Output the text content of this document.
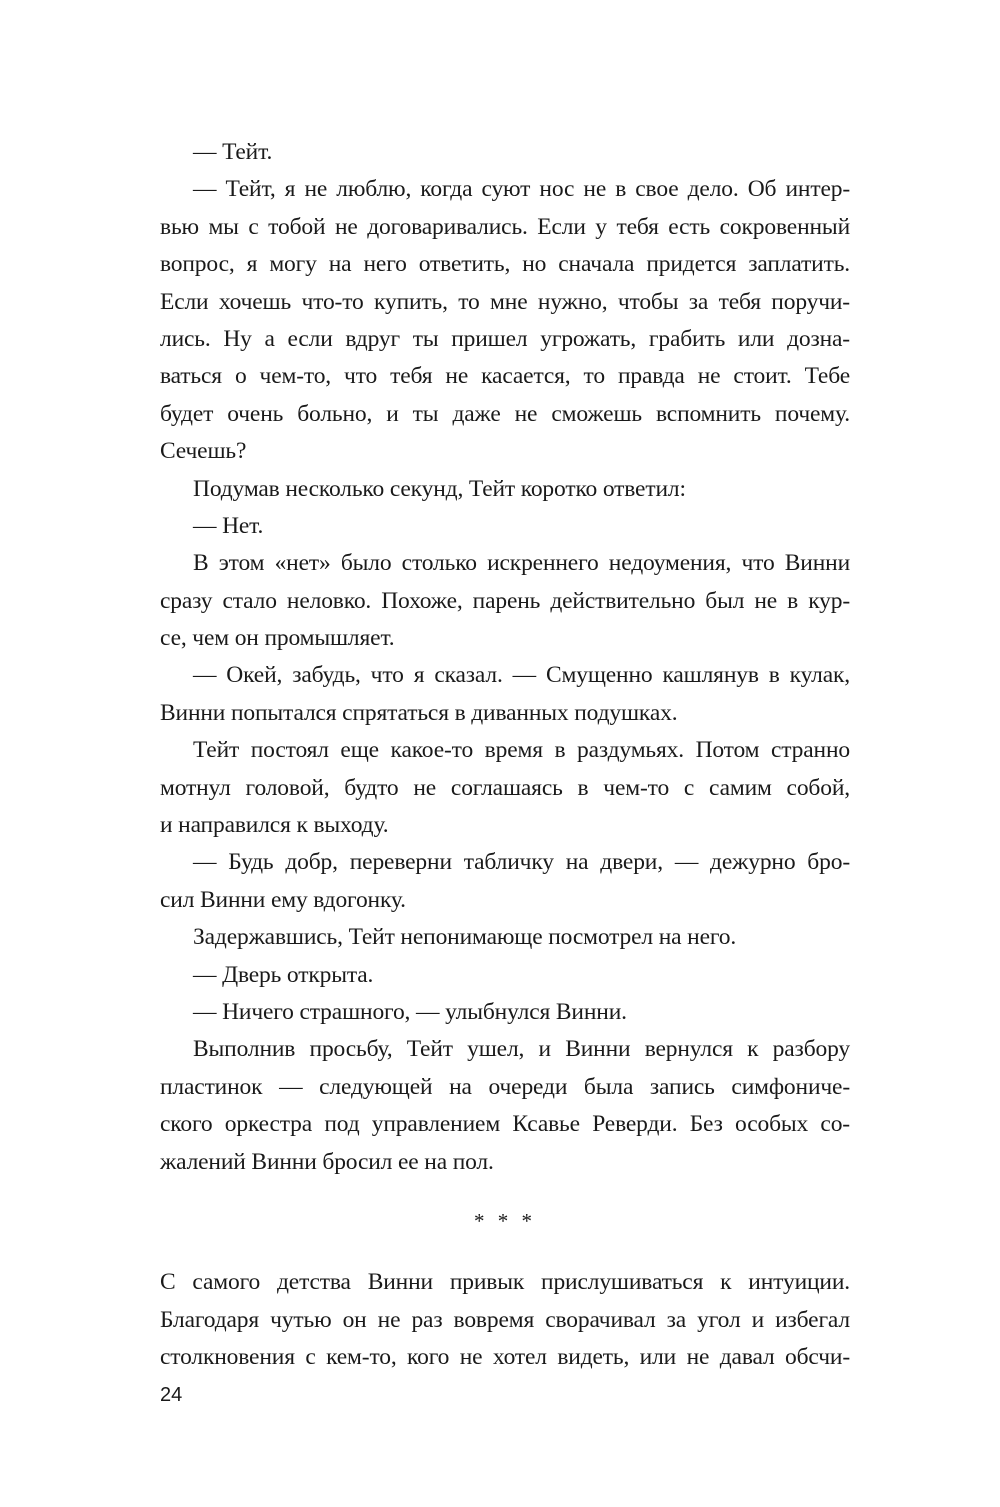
— Тейт.
— Тейт, я не люблю, когда суют нос не в свое дело. Об интер-
вью мы с тобой не договаривались. Если у тебя есть сокровенный
вопрос, я могу на него ответить, но сначала придется заплатить.
Если хочешь что-то купить, то мне нужно, чтобы за тебя поручи-
лись. Ну а если вдруг ты пришел угрожать, грабить или дозна-
ваться о чем-то, что тебя не касается, то правда не стоит. Тебе
будет очень больно, и ты даже не сможешь вспомнить почему.
Сечешь?
Подумав несколько секунд, Тейт коротко ответил:
— Нет.
В этом «нет» было столько искреннего недоумения, что Винни
сразу стало неловко. Похоже, парень действительно был не в кур-
се, чем он промышляет.
— Окей, забудь, что я сказал. — Смущенно кашлянув в кулак,
Винни попытался спрятаться в диванных подушках.
Тейт постоял еще какое-то время в раздумьях. Потом странно
мотнул головой, будто не соглашаясь в чем-то с самим собой,
и направился к выходу.
— Будь добр, переверни табличку на двери, — дежурно бро-
сил Винни ему вдогонку.
Задержавшись, Тейт непонимающе посмотрел на него.
— Дверь открыта.
— Ничего страшного, — улыбнулся Винни.
Выполнив просьбу, Тейт ушел, и Винни вернулся к разбору
пластинок — следующей на очереди была запись симфониче-
ского оркестра под управлением Ксавье Реверди. Без особых со-
жалений Винни бросил ее на пол.
* * *
С самого детства Винни привык прислушиваться к интуиции.
Благодаря чутью он не раз вовремя сворачивал за угол и избегал
столкновения с кем-то, кого не хотел видеть, или не давал обсчи-
24
